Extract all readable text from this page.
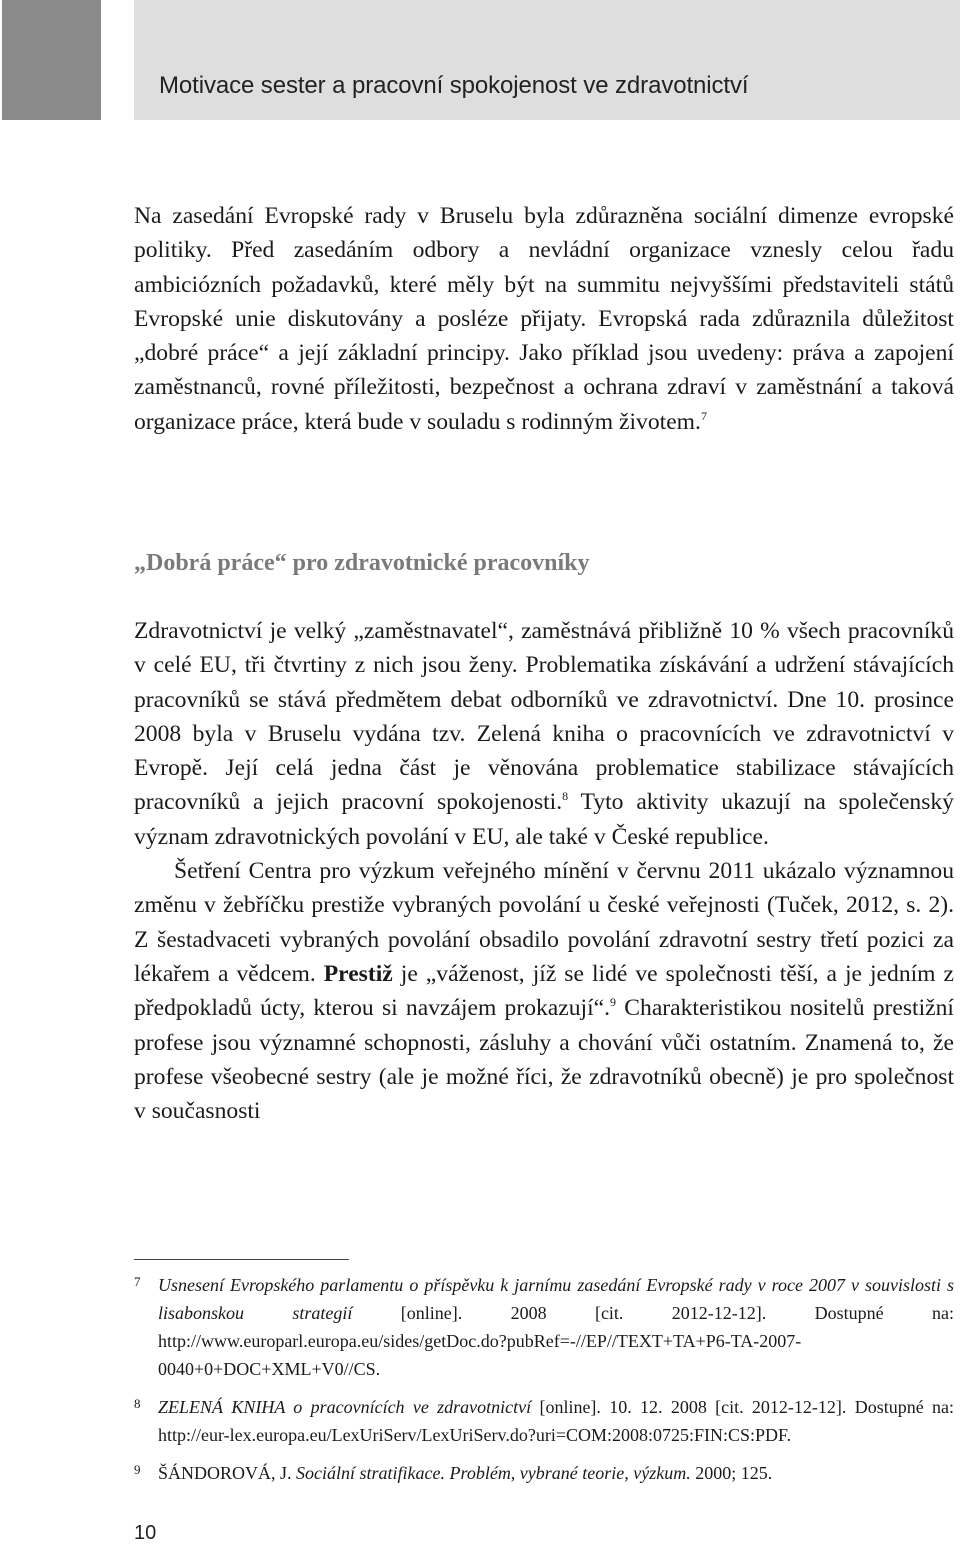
Motivace sester a pracovní spokojenost ve zdravotnictví

Na zasedání Evropské rady v Bruselu byla zdůrazněna sociální dimenze evropské politiky. Před zasedáním odbory a nevládní organizace vznesly celou řadu ambiciózních požadavků, které měly být na summitu nejvyššími představiteli států Evropské unie diskutovány a posléze přijaty. Evropská rada zdůraznila důležitost „dobré práce“ a její základní principy. Jako příklad jsou uvedeny: práva a zapojení zaměstnanců, rovné příležitosti, bezpečnost a ochrana zdraví v zaměstnání a taková organizace práce, která bude v souladu s rodinným životem.$^7$

„Dobrá práce“ pro zdravotnické pracovníky

Zdravotnictví je velký „zaměstnavatel“, zaměstnává přibližně 10 % všech pracovníků v celé EU, tři čtvrtiny z nich jsou ženy. Problematika získávání a udržení stávajících pracovníků se stává předmětem debat odborníků ve zdravotnictví. Dne 10. prosince 2008 byla v Bruselu vydána tzv. Zelená kniha o pracovnících ve zdravotnictví v Evropě. Její celá jedna část je věnována problematice stabilizace stávajících pracovníků a jejich pracovní spokojenosti.$^8$ Tyto aktivity ukazují na společenský význam zdravotnických povolání v EU, ale také v České republice.

Šetření Centra pro výzkum veřejného mínění v červnu 2011 ukázalo významnou změnu v žebříčku prestiže vybraných povolání u české veřejnosti (Tuček, 2012, s. 2). Z šestadvaceti vybraných povolání obsadilo povolání zdravotní sestry třetí pozici za lékařem a vědcem. Prestiž je „váženost, jíž se lidé ve společnosti těší, a je jedním z předpokladů úcty, kterou si navzájem prokazují“.$^9$ Charakteristikou nositelů prestižní profese jsou významné schopnosti, zásluhy a chování vůči ostatním. Znamená to, že profese všeobecné sestry (ale je možné říci, že zdravotníků obecně) je pro společnost v současnosti

7 Usnesení Evropského parlamentu o příspěvku k jarnímu zasedání Evropské rady v roce 2007 v souvislosti s lisabonskou strategií [online]. 2008 [cit. 2012-12-12]. Dostupné na: http://www.europarl.europa.eu/sides/getDoc.do?pubRef=-//EP//TEXT+TA+P6-TA-2007-0040+0+DOC+XML+V0//CS.

8 ZELENÁ KNIHA o pracovnících ve zdravotnictví [online]. 10. 12. 2008 [cit. 2012-12-12]. Dostupné na: http://eur-lex.europa.eu/LexUriServ/LexUriServ.do?uri=COM:2008:0725:FIN:CS:PDF.

9 ŠÁNDOROVÁ, J. Sociální stratifikace. Problém, vybrané teorie, výzkum. 2000; 125.

10
